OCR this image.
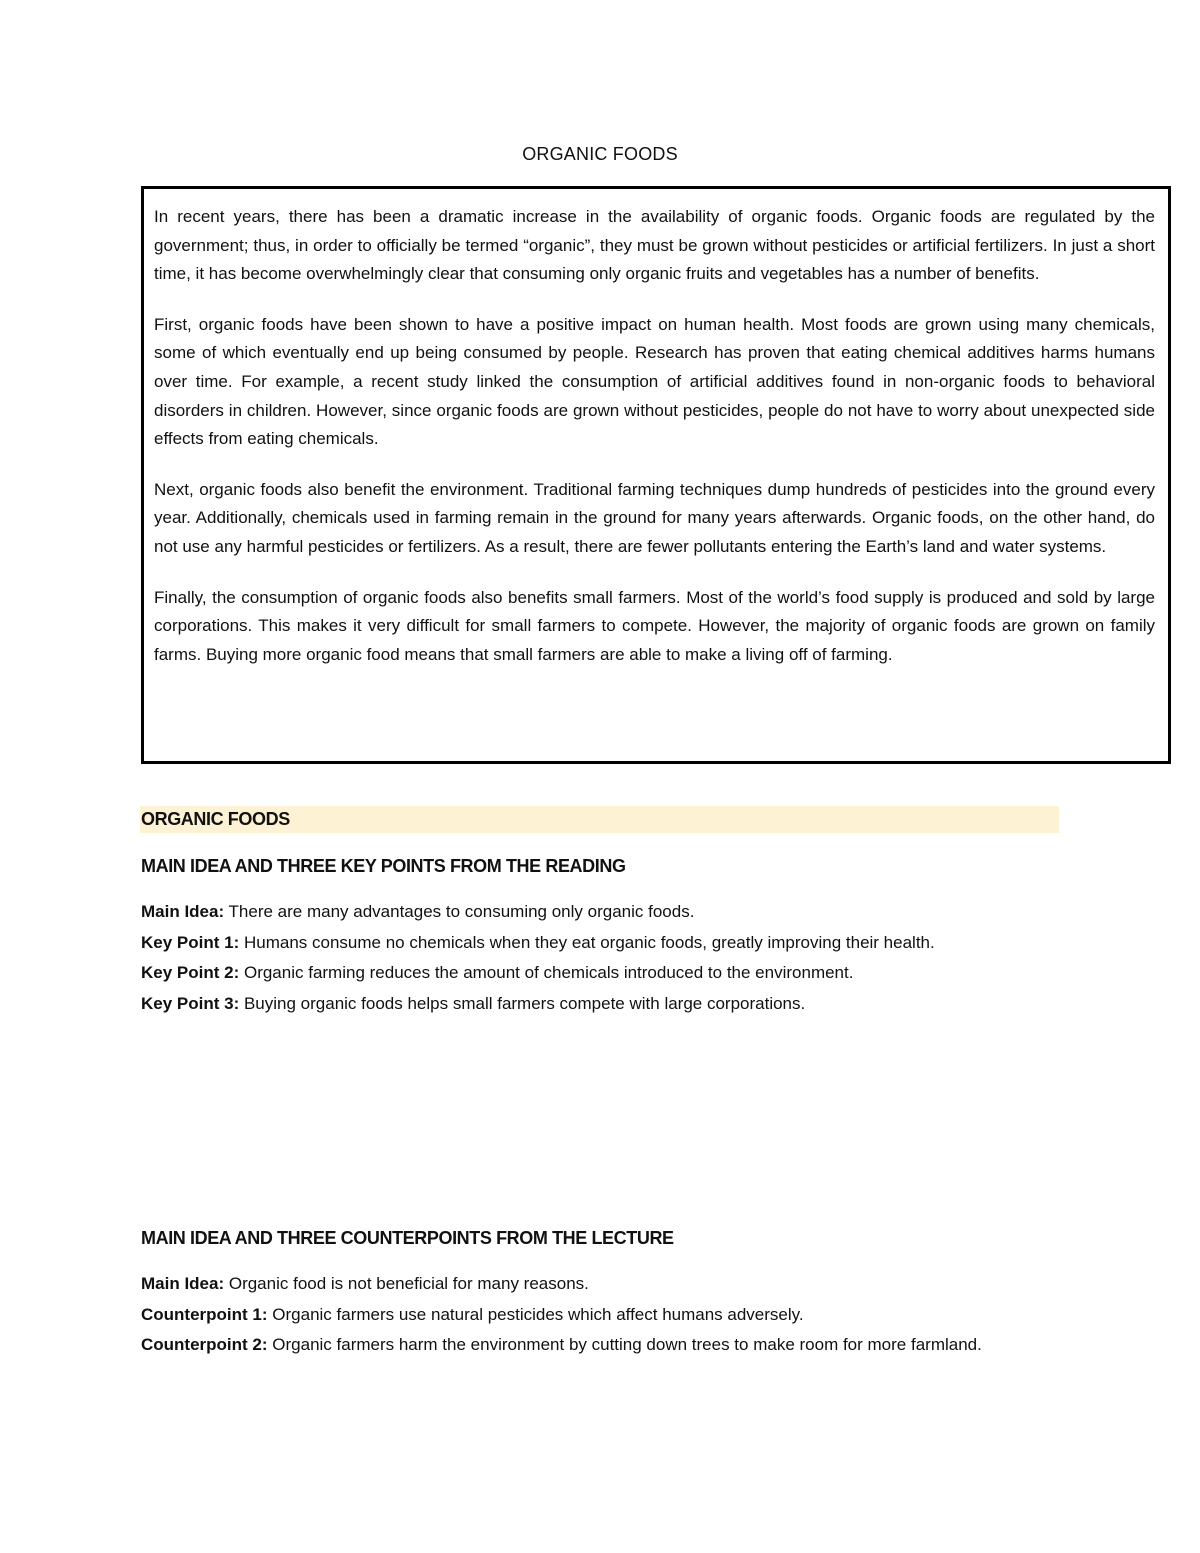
ORGANIC FOODS

In recent years, there has been a dramatic increase in the availability of organic foods. Organic foods are regulated by the government; thus, in order to officially be termed “organic”, they must be grown without pesticides or artificial fertilizers. In just a short time, it has become overwhelmingly clear that consuming only organic fruits and vegetables has a number of benefits.

First, organic foods have been shown to have a positive impact on human health. Most foods are grown using many chemicals, some of which eventually end up being consumed by people. Research has proven that eating chemical additives harms humans over time. For example, a recent study linked the consumption of artificial additives found in non-organic foods to behavioral disorders in children. However, since organic foods are grown without pesticides, people do not have to worry about unexpected side effects from eating chemicals.

Next, organic foods also benefit the environment. Traditional farming techniques dump hundreds of pesticides into the ground every year. Additionally, chemicals used in farming remain in the ground for many years afterwards. Organic foods, on the other hand, do not use any harmful pesticides or fertilizers. As a result, there are fewer pollutants entering the Earth’s land and water systems.

Finally, the consumption of organic foods also benefits small farmers. Most of the world’s food supply is produced and sold by large corporations. This makes it very difficult for small farmers to compete. However, the majority of organic foods are grown on family farms. Buying more organic food means that small farmers are able to make a living off of farming.

ORGANIC FOODS
MAIN IDEA AND THREE KEY POINTS FROM THE READING

Main Idea: There are many advantages to consuming only organic foods.

Key Point 1: Humans consume no chemicals when they eat organic foods, greatly improving their health.

Key Point 2: Organic farming reduces the amount of chemicals introduced to the environment.

Key Point 3: Buying organic foods helps small farmers compete with large corporations.

MAIN IDEA AND THREE COUNTERPOINTS FROM THE LECTURE

Main Idea: Organic food is not beneficial for many reasons.

Counterpoint 1: Organic farmers use natural pesticides which affect humans adversely.

Counterpoint 2: Organic farmers harm the environment by cutting down trees to make room for more farmland.
